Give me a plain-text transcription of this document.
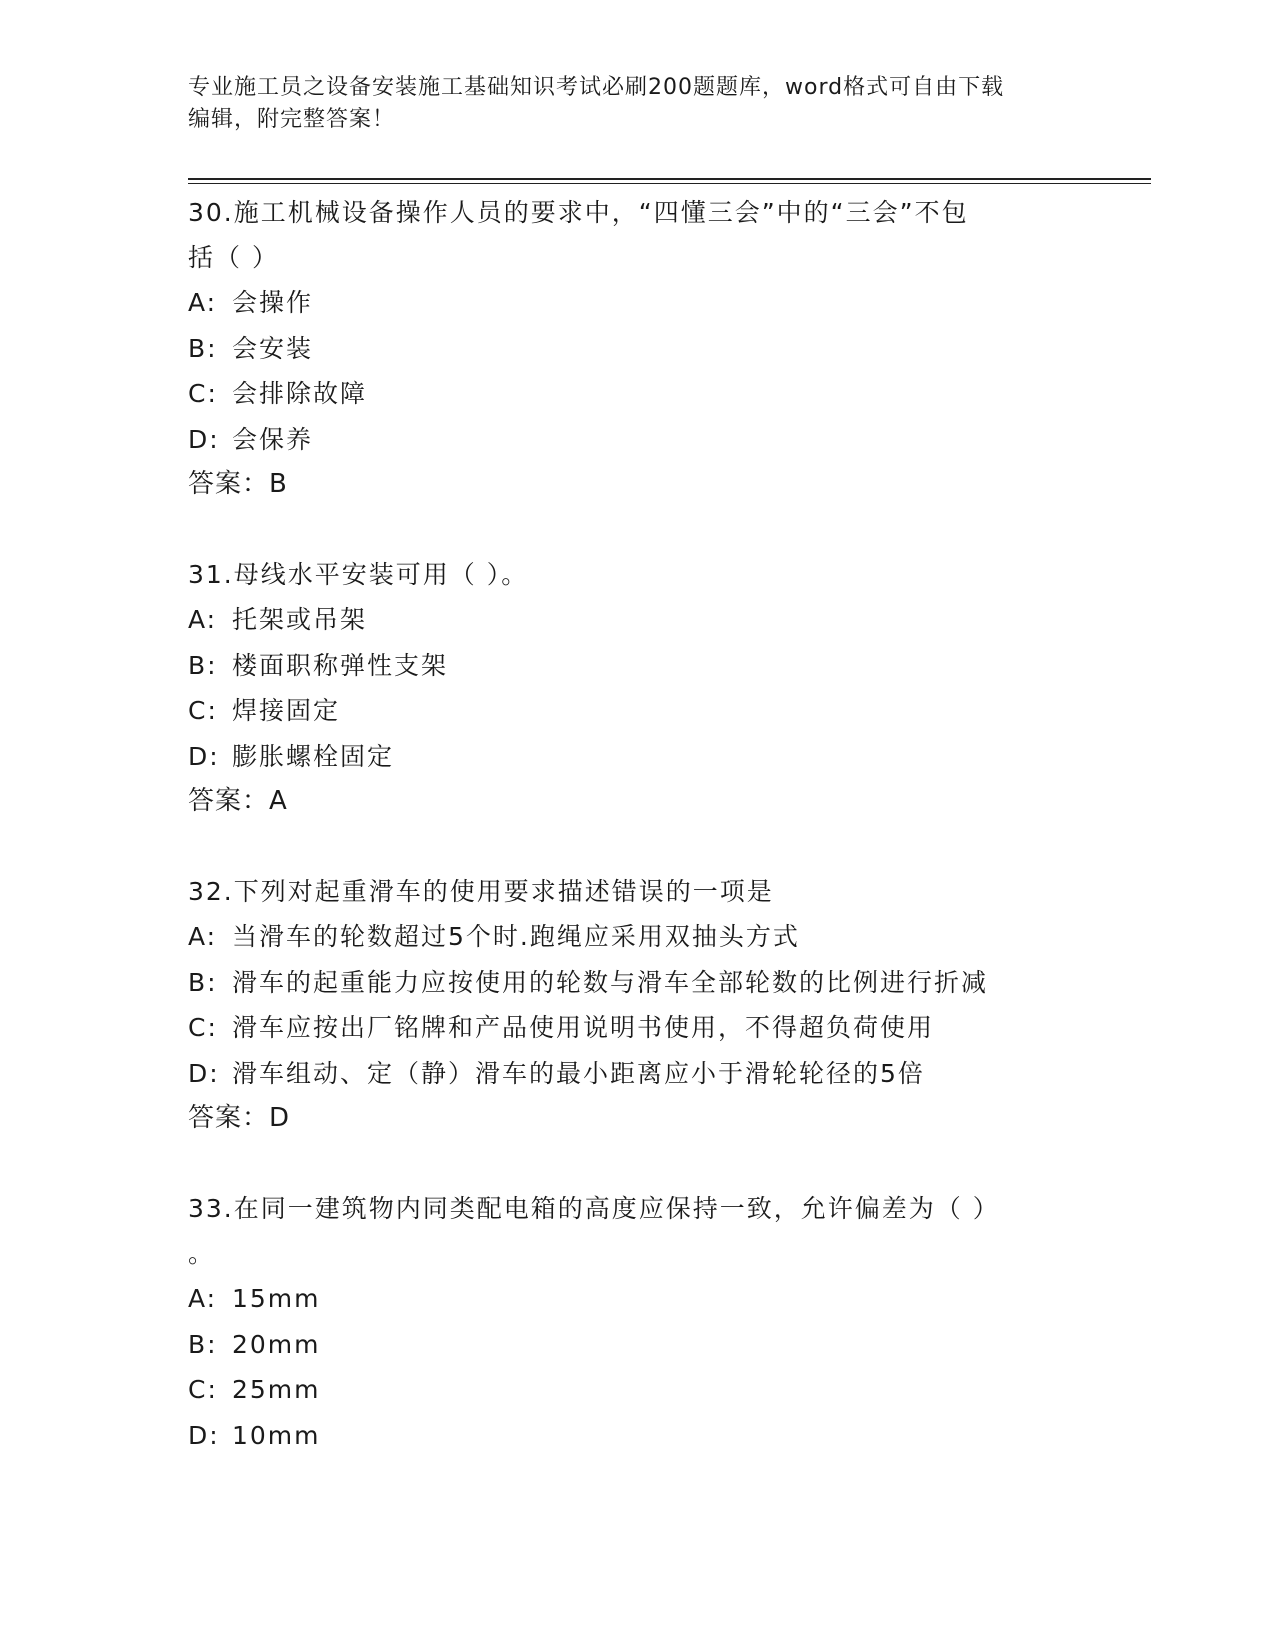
专业施工员之设备安装施工基础知识考试必刷200题题库，word格式可自由下载
编辑，附完整答案！
30.施工机械设备操作人员的要求中，“四懂三会”中的“三会”不包
括（ ）
A: 会操作
B: 会安装
C: 会排除故障
D: 会保养
答案：B
31.母线水平安装可用（ ）。
A: 托架或吊架
B: 楼面职称弹性支架
C: 焊接固定
D: 膨胀螺栓固定
答案：A
32.下列对起重滑车的使用要求描述错误的一项是
A: 当滑车的轮数超过5个时.跑绳应采用双抽头方式
B: 滑车的起重能力应按使用的轮数与滑车全部轮数的比例进行折减
C: 滑车应按出厂铭牌和产品使用说明书使用，不得超负荷使用
D: 滑车组动、定（静）滑车的最小距离应小于滑轮轮径的5倍
答案：D
33.在同一建筑物内同类配电箱的高度应保持一致，允许偏差为（ ）
。
A: 15mm
B: 20mm
C: 25mm
D: 10mm
